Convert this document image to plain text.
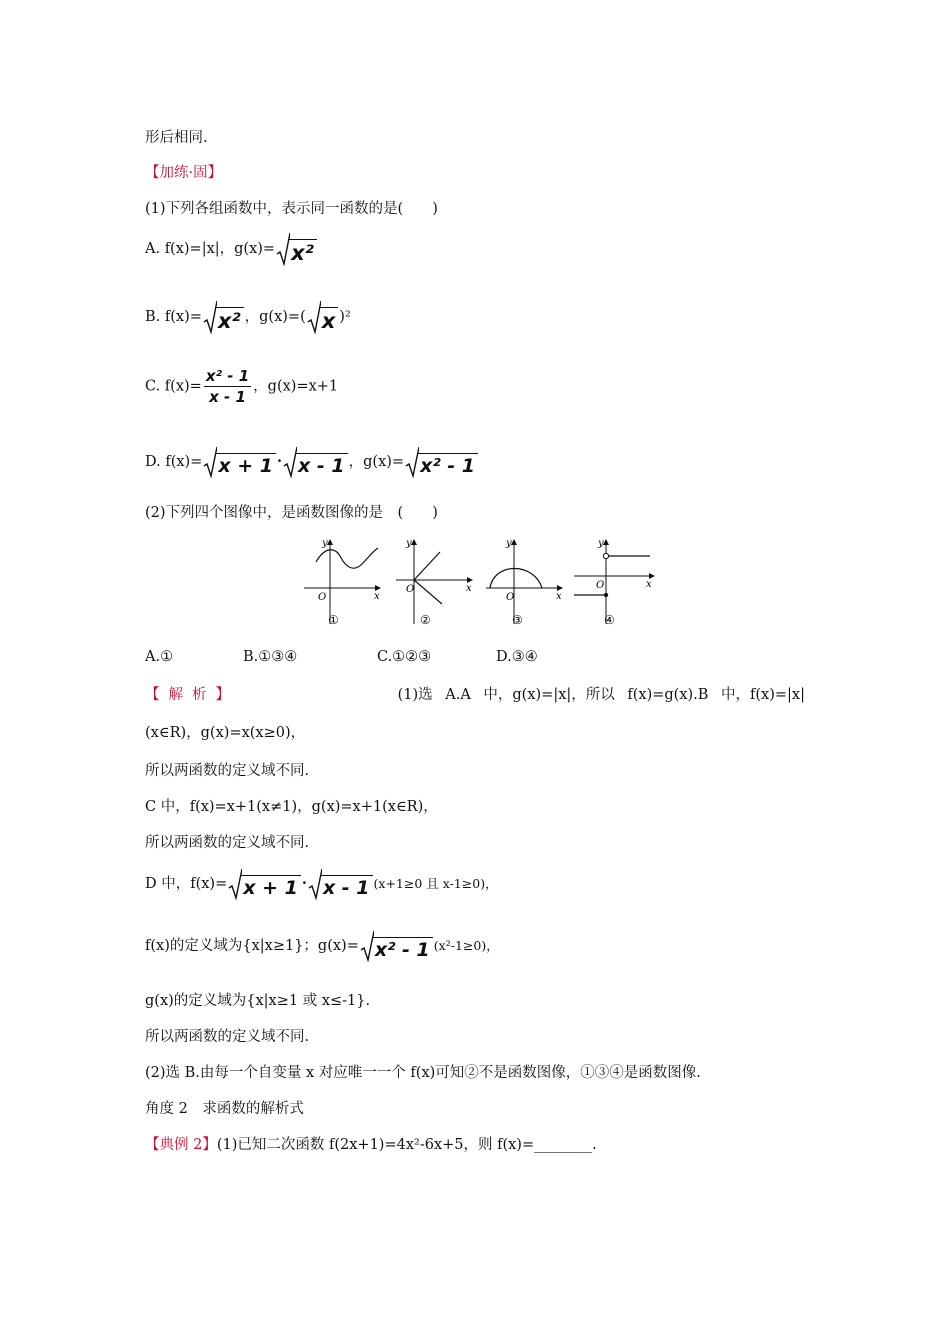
形后相同.
【加练·固】
(1)下列各组函数中，表示同一函数的是(　　)
A. f(x)=|x|，g(x)= x²
B. f(x)= x² ，g(x)=( x )²
C. $f(x)= \frac{\text{x² - 1}}{x - 1}$ ，g(x)=x+1
D. f(x)= x + 1 · x - 1 ，g(x)= x² - 1
(2)下列四个图像中，是函数图像的是　(　　)
y
x
O
①
y
x
O
②
y
x
O
③
y
x
O
④
A.①	B.①③④	C.①②③	D.③④
【解析】	(1)选 A.A 中，g(x)=|x|，所以 f(x)=g(x).B 中，f(x)=|x|
(x∈R)，g(x)=x(x≥0)，
所以两函数的定义域不同.
C 中，f(x)=x+1(x≠1)，g(x)=x+1(x∈R)，
所以两函数的定义域不同.
D 中，f(x)= x + 1 · x - 1 (x+1≥0 且 x-1≥0)，
f(x)的定义域为{x|x≥1}；g(x)= x² - 1 (x²-1≥0)，
g(x)的定义域为{x|x≥1 或 x≤-1}.
所以两函数的定义域不同.
(2)选 B.由每一个自变量 x 对应唯一一个 f(x)可知②不是函数图像，①③④是函数图像.
角度 2　求函数的解析式
【典例 2】(1)已知二次函数 f(2x+1)=4x²-6x+5，则 f(x)=________.
